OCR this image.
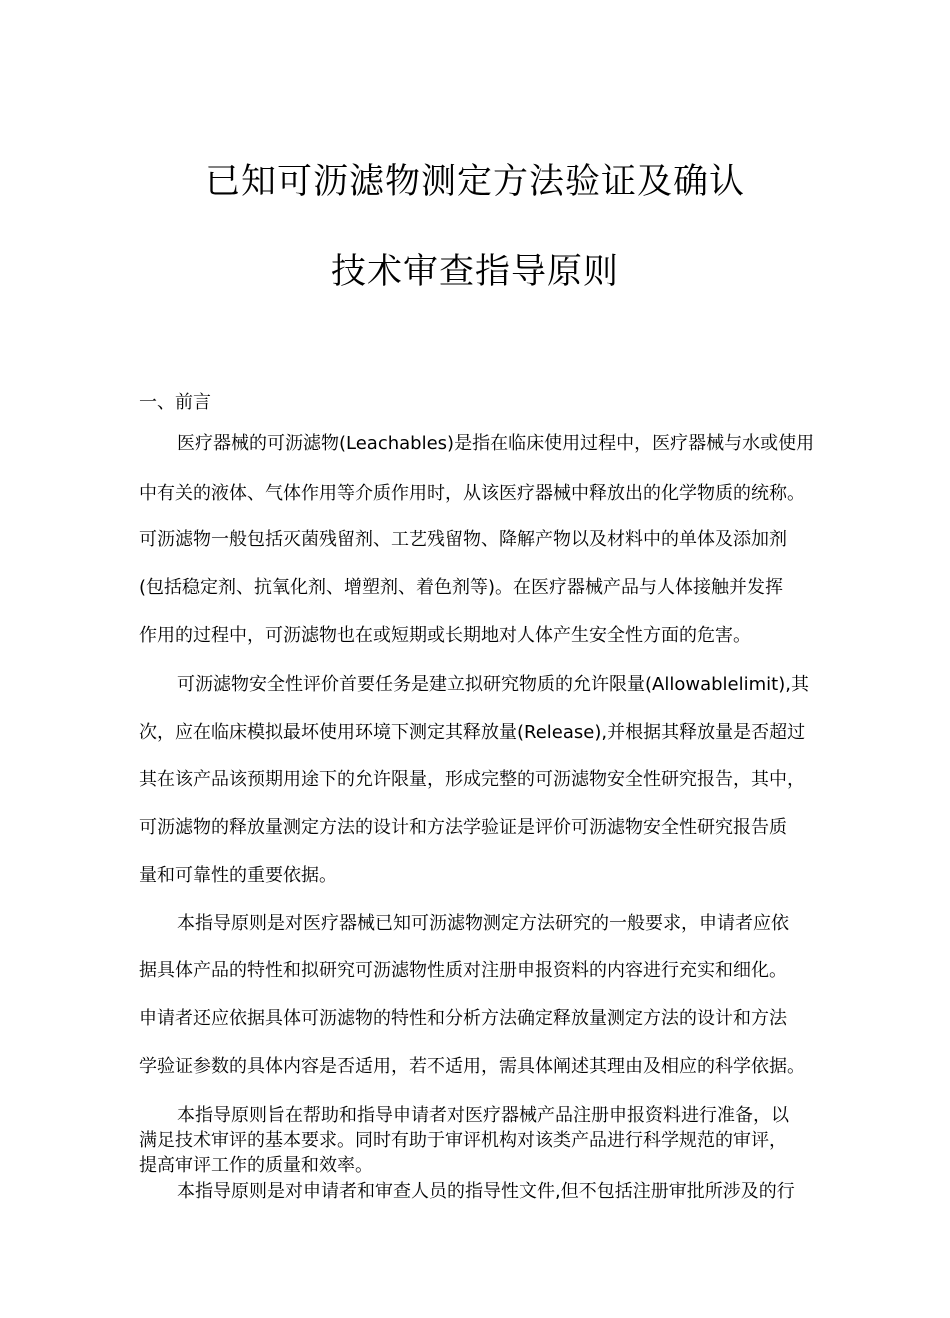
已知可沥滤物测定方法验证及确认
技术审查指导原则
一、前言
医疗器械的可沥滤物(Leachables)是指在临床使用过程中，医疗器械与水或使用
中有关的液体、气体作用等介质作用时，从该医疗器械中释放出的化学物质的统称。
可沥滤物一般包括灭菌残留剂、工艺残留物、降解产物以及材料中的单体及添加剂
(包括稳定剂、抗氧化剂、增塑剂、着色剂等)。在医疗器械产品与人体接触并发挥
作用的过程中，可沥滤物也在或短期或长期地对人体产生安全性方面的危害。
可沥滤物安全性评价首要任务是建立拟研究物质的允许限量(Allowablelimit),其
次，应在临床模拟最坏使用环境下测定其释放量(Release),并根据其释放量是否超过
其在该产品该预期用途下的允许限量，形成完整的可沥滤物安全性研究报告，其中，
可沥滤物的释放量测定方法的设计和方法学验证是评价可沥滤物安全性研究报告质
量和可靠性的重要依据。
本指导原则是对医疗器械已知可沥滤物测定方法研究的一般要求，申请者应依
据具体产品的特性和拟研究可沥滤物性质对注册申报资料的内容进行充实和细化。
申请者还应依据具体可沥滤物的特性和分析方法确定释放量测定方法的设计和方法
学验证参数的具体内容是否适用，若不适用，需具体阐述其理由及相应的科学依据。
本指导原则旨在帮助和指导申请者对医疗器械产品注册申报资料进行准备，以
满足技术审评的基本要求。同时有助于审评机构对该类产品进行科学规范的审评，
提高审评工作的质量和效率。
本指导原则是对申请者和审查人员的指导性文件,但不包括注册审批所涉及的行
